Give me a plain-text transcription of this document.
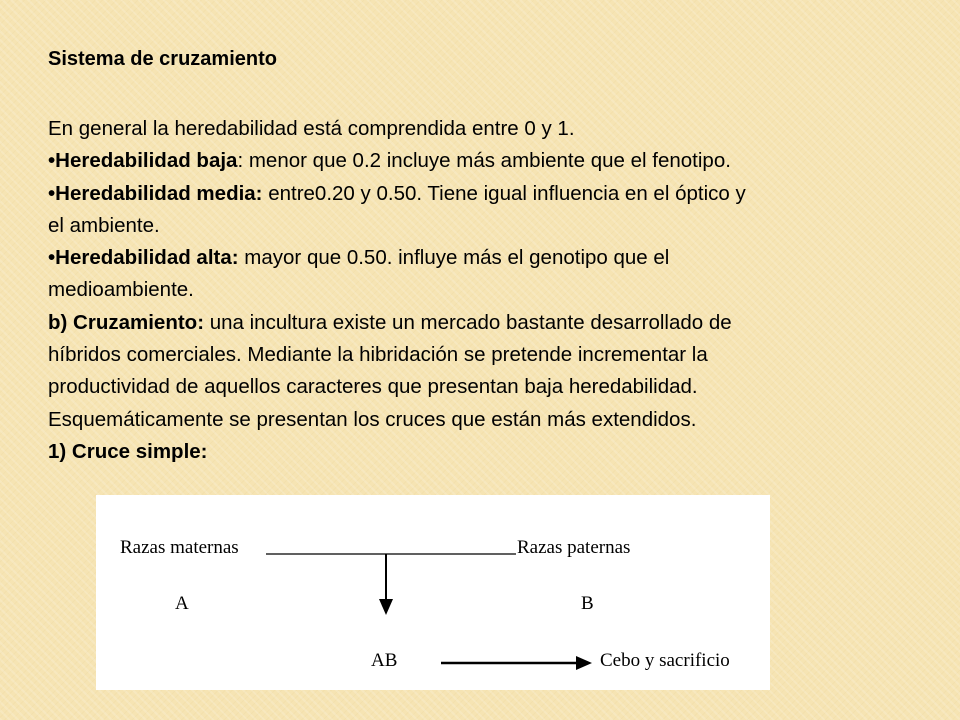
Sistema de cruzamiento
En general la heredabilidad está comprendida entre 0 y 1.
•Heredabilidad baja: menor que 0.2 incluye más ambiente que el fenotipo.
•Heredabilidad media: entre0.20 y 0.50. Tiene igual influencia en el óptico y
el ambiente.
•Heredabilidad alta: mayor que 0.50. influye más el genotipo que el
medioambiente.
b) Cruzamiento: una incultura existe un mercado bastante desarrollado de
híbridos comerciales. Mediante la hibridación se pretende incrementar la
productividad de aquellos caracteres que presentan baja heredabilidad.
Esquemáticamente se presentan los cruces que están más extendidos.
1) Cruce simple:
Razas maternas	Razas paternas
A	B
AB	Cebo y sacrificio
